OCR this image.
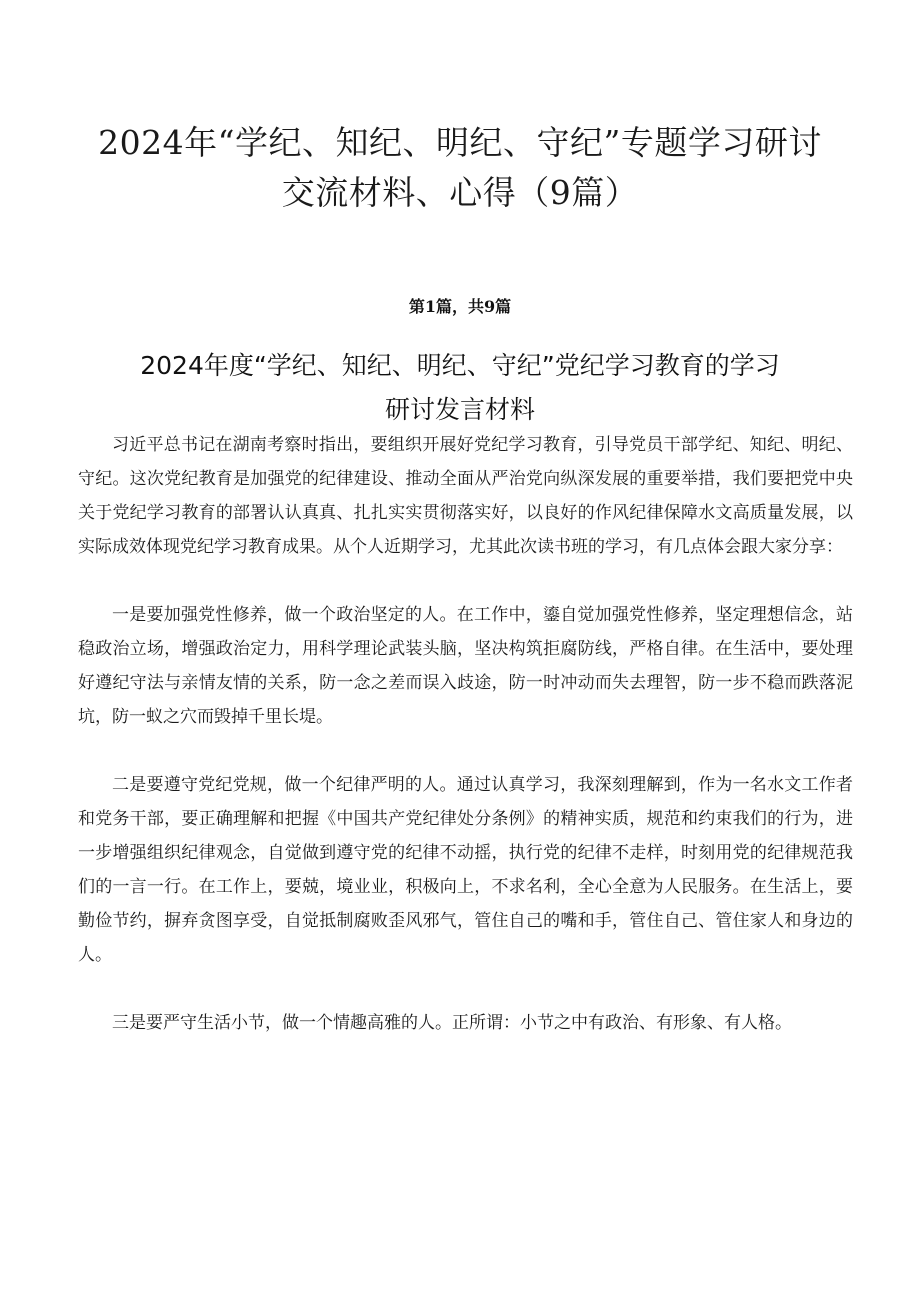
2024年“学纪、知纪、明纪、守纪”专题学习研讨
交流材料、心得（9篇）
第1篇，共9篇
2024年度“学纪、知纪、明纪、守纪”党纪学习教育的学习
研讨发言材料

习近平总书记在湖南考察时指出，要组织开展好党纪学习教育，引导党员干部学纪、知纪、明纪、守纪。这次党纪教育是加强党的纪律建设、推动全面从严治党向纵深发展的重要举措，我们要把党中央关于党纪学习教育的部署认认真真、扎扎实实贯彻落实好，以良好的作风纪律保障水文高质量发展，以实际成效体现党纪学习教育成果。从个人近期学习，尤其此次读书班的学习，有几点体会跟大家分享：

一是要加强党性修养，做一个政治坚定的人。在工作中，鎏自觉加强党性修养，坚定理想信念，站稳政治立场，增强政治定力，用科学理论武装头脑，坚决构筑拒腐防线，严格自律。在生活中，要处理好遵纪守法与亲情友情的关系，防一念之差而误入歧途，防一时冲动而失去理智，防一步不稳而跌落泥坑，防一蚁之穴而毁掉千里长堤。

二是要遵守党纪党规，做一个纪律严明的人。通过认真学习，我深刻理解到，作为一名水文工作者和党务干部，要正确理解和把握《中国共产党纪律处分条例》的精神实质，规范和约束我们的行为，进一步增强组织纪律观念，自觉做到遵守党的纪律不动摇，执行党的纪律不走样，时刻用党的纪律规范我们的一言一行。在工作上，要兢，境业业，积极向上，不求名利，全心全意为人民服务。在生活上，要勤俭节约，摒弃贪图享受，自觉抵制腐败歪风邪气，管住自己的嘴和手，管住自己、管住家人和身边的人。

三是要严守生活小节，做一个情趣高雅的人。正所谓：小节之中有政治、有形象、有人格。
